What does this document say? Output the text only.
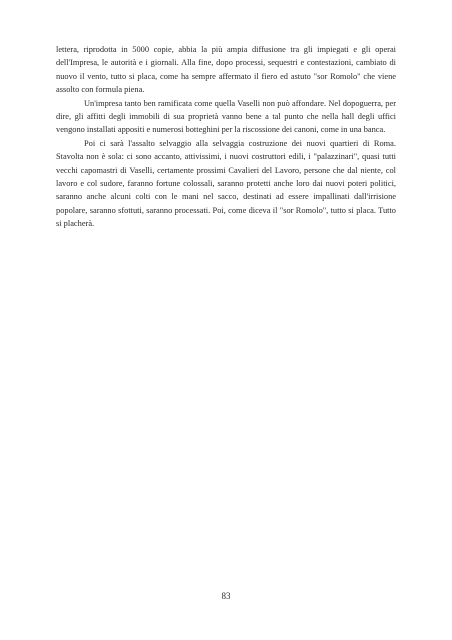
lettera, riprodotta in 5000 copie, abbia la più ampia diffusione tra gli impiegati e gli operai dell'Impresa, le autorità e i giornali. Alla fine, dopo processi, sequestri e contestazioni, cambiato di nuovo il vento, tutto si placa, come ha sempre affermato il fiero ed astuto "sor Romolo" che viene assolto con formula piena.

Un'impresa tanto ben ramificata come quella Vaselli non può affondare. Nel dopoguerra, per dire, gli affitti degli immobili di sua proprietà vanno bene a tal punto che nella hall degli uffici vengono installati appositi e numerosi botteghini per la riscossione dei canoni, come in una banca.

Poi ci sarà l'assalto selvaggio alla selvaggia costruzione dei nuovi quartieri di Roma. Stavolta non è sola: ci sono accanto, attivissimi, i nuovi costruttori edili, i "palazzinari", quasi tutti vecchi capomastri di Vaselli, certamente prossimi Cavalieri del Lavoro, persone che dal niente, col lavoro e col sudore, faranno fortune colossali, saranno protetti anche loro dai nuovi poteri politici, saranno anche alcuni colti con le mani nel sacco, destinati ad essere impallinati dall'irrisione popolare, saranno sfottuti, saranno processati. Poi, come diceva il "sor Romolo", tutto si placa. Tutto si placherà.

83
